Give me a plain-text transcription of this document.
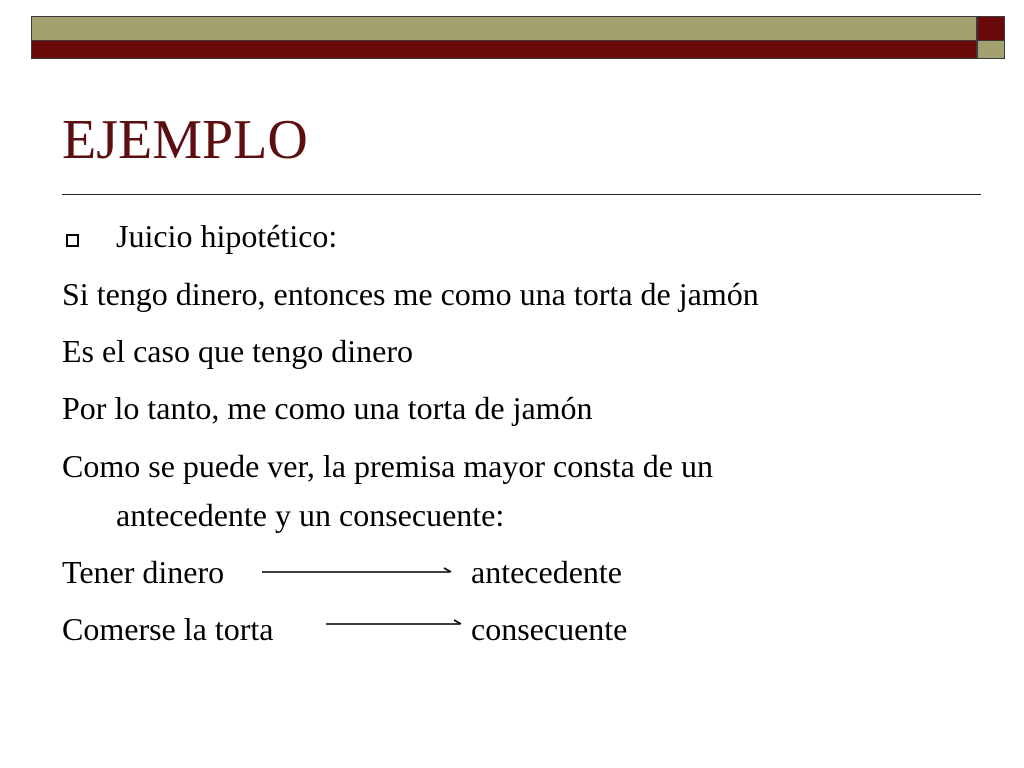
EJEMPLO
Juicio hipotético:
Si tengo dinero, entonces me como una torta de jamón
Es el caso que tengo dinero
Por lo tanto, me como una torta de jamón
Como se puede ver, la premisa mayor consta de un
antecedente y un consecuente:
Tener dinero	antecedente
Comerse la torta	consecuente
